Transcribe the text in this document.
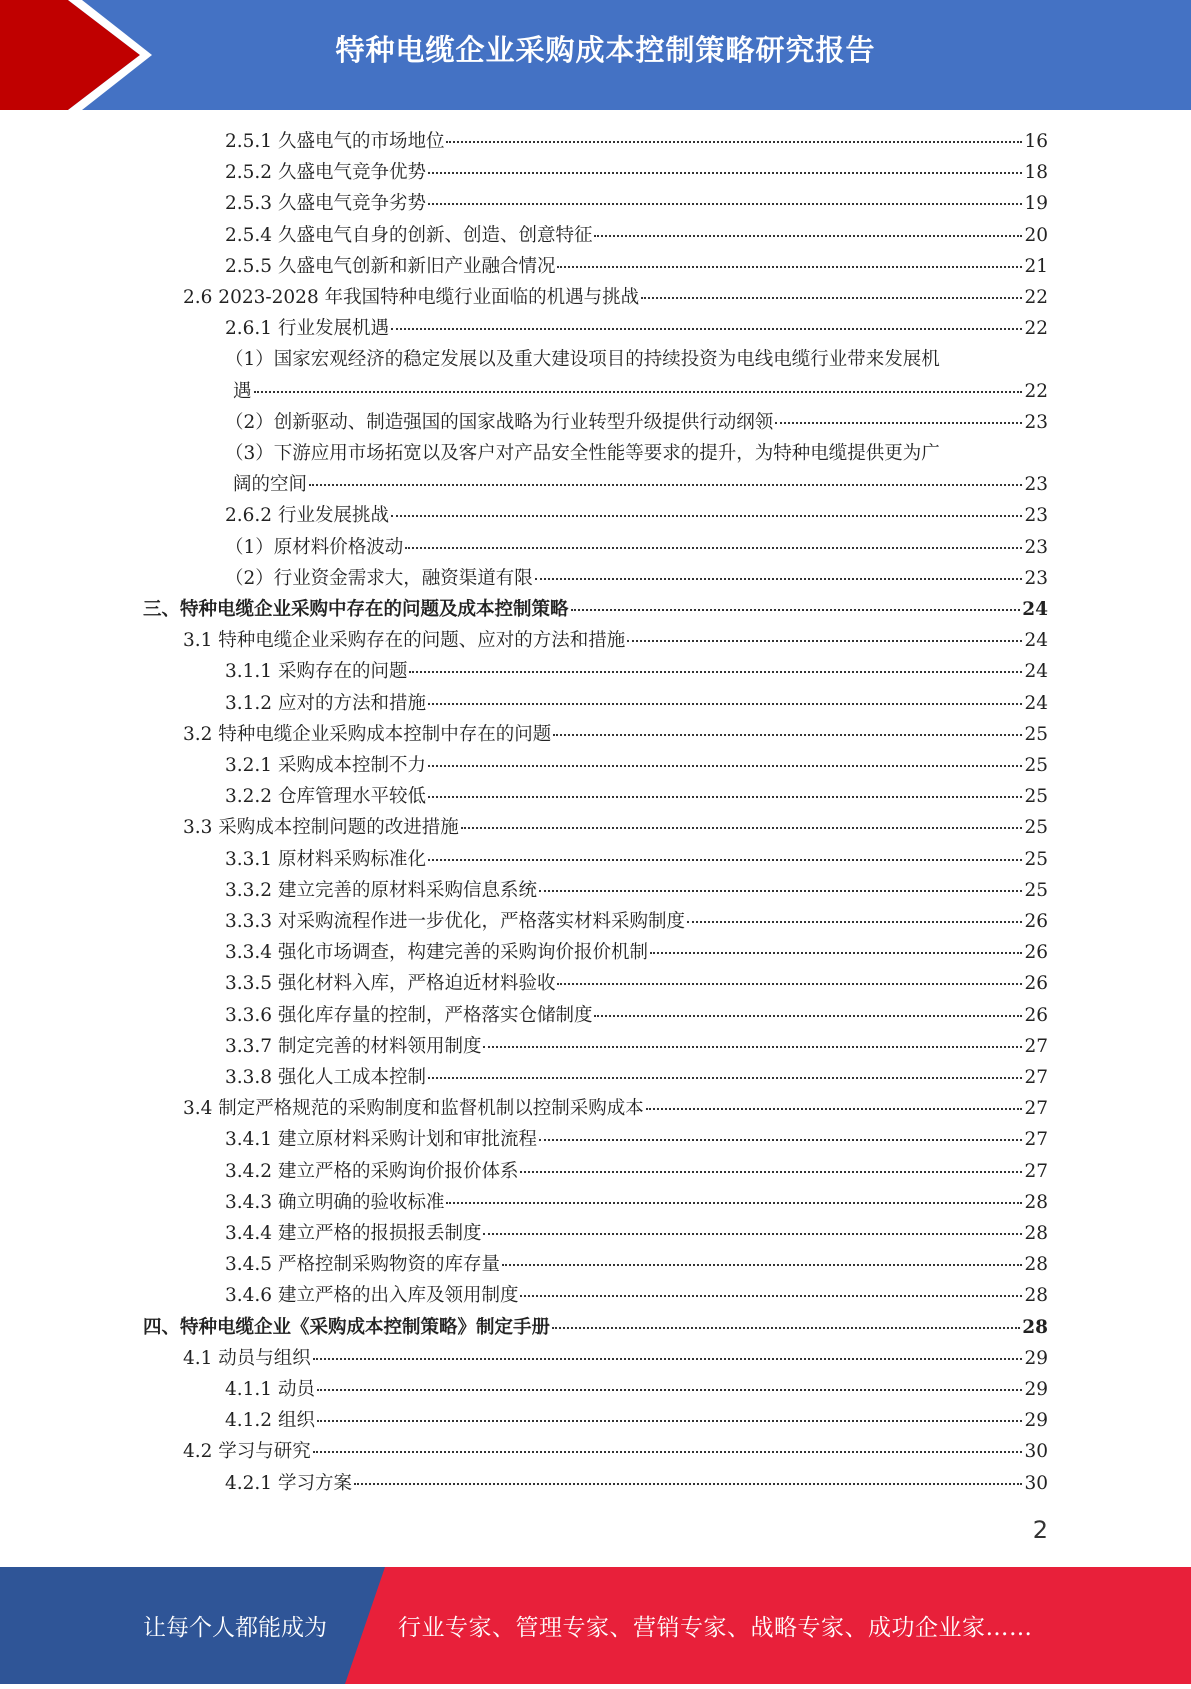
特种电缆企业采购成本控制策略研究报告
2.5.1 久盛电气的市场地位	16
2.5.2 久盛电气竞争优势	18
2.5.3 久盛电气竞争劣势	19
2.5.4 久盛电气自身的创新、创造、创意特征	20
2.5.5 久盛电气创新和新旧产业融合情况	21
2.6 2023-2028 年我国特种电缆行业面临的机遇与挑战	22
2.6.1 行业发展机遇	22
（1）国家宏观经济的稳定发展以及重大建设项目的持续投资为电线电缆行业带来发展机
遇	22
（2）创新驱动、制造强国的国家战略为行业转型升级提供行动纲领	23
（3）下游应用市场拓宽以及客户对产品安全性能等要求的提升，为特种电缆提供更为广
阔的空间	23
2.6.2 行业发展挑战	23
（1）原材料价格波动	23
（2）行业资金需求大，融资渠道有限	23
三、特种电缆企业采购中存在的问题及成本控制策略	24
3.1 特种电缆企业采购存在的问题、应对的方法和措施	24
3.1.1 采购存在的问题	24
3.1.2 应对的方法和措施	24
3.2 特种电缆企业采购成本控制中存在的问题	25
3.2.1 采购成本控制不力	25
3.2.2 仓库管理水平较低	25
3.3 采购成本控制问题的改进措施	25
3.3.1 原材料采购标准化	25
3.3.2 建立完善的原材料采购信息系统	25
3.3.3 对采购流程作进一步优化，严格落实材料采购制度	26
3.3.4 强化市场调查，构建完善的采购询价报价机制	26
3.3.5 强化材料入库，严格迫近材料验收	26
3.3.6 强化库存量的控制，严格落实仓储制度	26
3.3.7 制定完善的材料领用制度	27
3.3.8 强化人工成本控制	27
3.4 制定严格规范的采购制度和监督机制以控制采购成本	27
3.4.1 建立原材料采购计划和审批流程	27
3.4.2 建立严格的采购询价报价体系	27
3.4.3 确立明确的验收标准	28
3.4.4 建立严格的报损报丢制度	28
3.4.5 严格控制采购物资的库存量	28
3.4.6 建立严格的出入库及领用制度	28
四、特种电缆企业《采购成本控制策略》制定手册	28
4.1 动员与组织	29
4.1.1 动员	29
4.1.2 组织	29
4.2 学习与研究	30
4.2.1 学习方案	30
2
让每个人都能成为	行业专家、管理专家、营销专家、战略专家、成功企业家……
